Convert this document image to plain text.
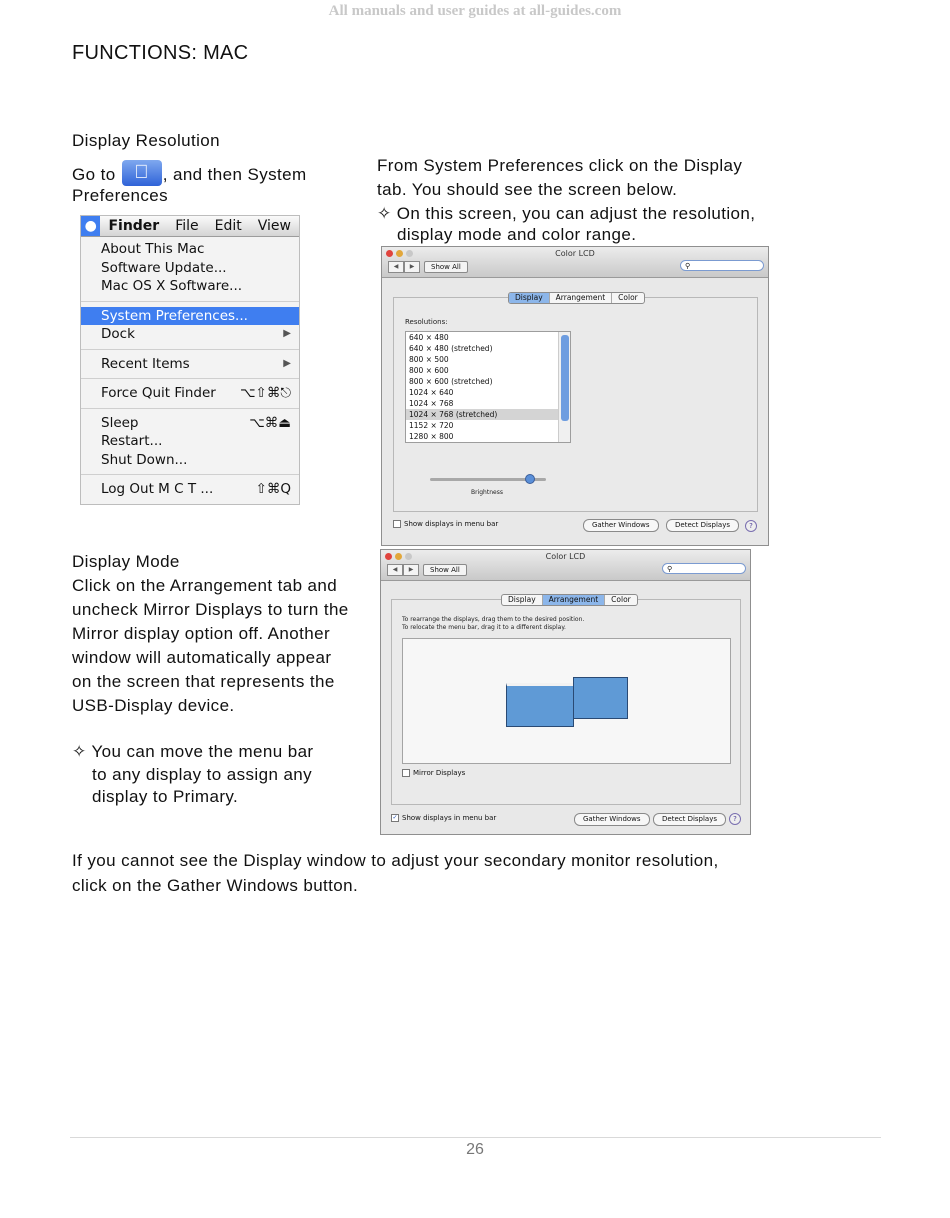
All manuals and user guides at all-guides.com
FUNCTIONS: MAC
Display Resolution
Go to	, and then System
Preferences
● Finder	File	Edit	View
About This Mac
Software Update...
Mac OS X Software...
System Preferences...
Dock	▶
Recent Items	▶
Force Quit Finder ⌥⇧⌘⎋
Sleep	⌥⌘⏏
Restart...
Shut Down...
Log Out M C T ...	⇧⌘Q
From System Preferences click on the Display
tab. You should see the screen below.
✧ On this screen, you can adjust the resolution,
display mode and color range.
Color LCD
◀	▶	Show All	⚲
640 × 480
640 × 480 (stretched)
800 × 500
800 × 600
800 × 600 (stretched)
1024 × 640
1024 × 768
1024 × 768 (stretched)
1152 × 720
1280 × 800
Resolutions:
Brightness
Display	Arrangement	Color
Show displays in menu bar	Gather Windows	Detect Displays	?
Display Mode
Click on the Arrangement tab and
uncheck Mirror Displays to turn the
Mirror display option off. Another
window will automatically appear
on the screen that represents the
USB-Display device.
✧ You can move the menu bar
to any display to assign any
display to Primary.
Color LCD
◀	▶	Show All	⚲
To rearrange the displays, drag them to the desired position.
To relocate the menu bar, drag it to a different display.
Mirror Displays
Display	Arrangement	Color
✓ Show displays in menu bar	Gather Windows	Detect Displays	?
If you cannot see the Display window to adjust your secondary monitor resolution,
click on the Gather Windows button.
26
